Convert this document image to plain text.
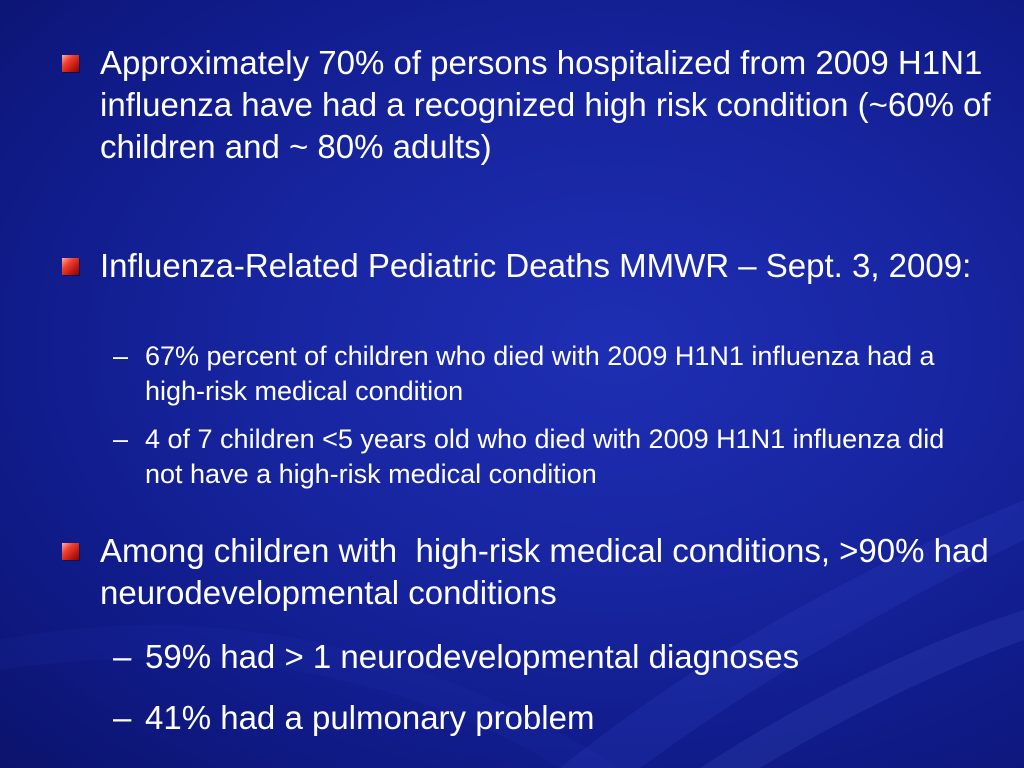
Approximately 70% of persons hospitalized from 2009 H1N1 influenza have had a recognized high risk condition (~60% of children and ~ 80% adults)
Influenza-Related Pediatric Deaths MMWR – Sept. 3, 2009:
– 67% percent of children who died with 2009 H1N1 influenza had a high-risk medical condition
– 4 of 7 children <5 years old who died with 2009 H1N1 influenza did not have a high-risk medical condition
Among children with  high-risk medical conditions, >90% had neurodevelopmental conditions
– 59% had > 1 neurodevelopmental diagnoses
– 41% had a pulmonary problem
